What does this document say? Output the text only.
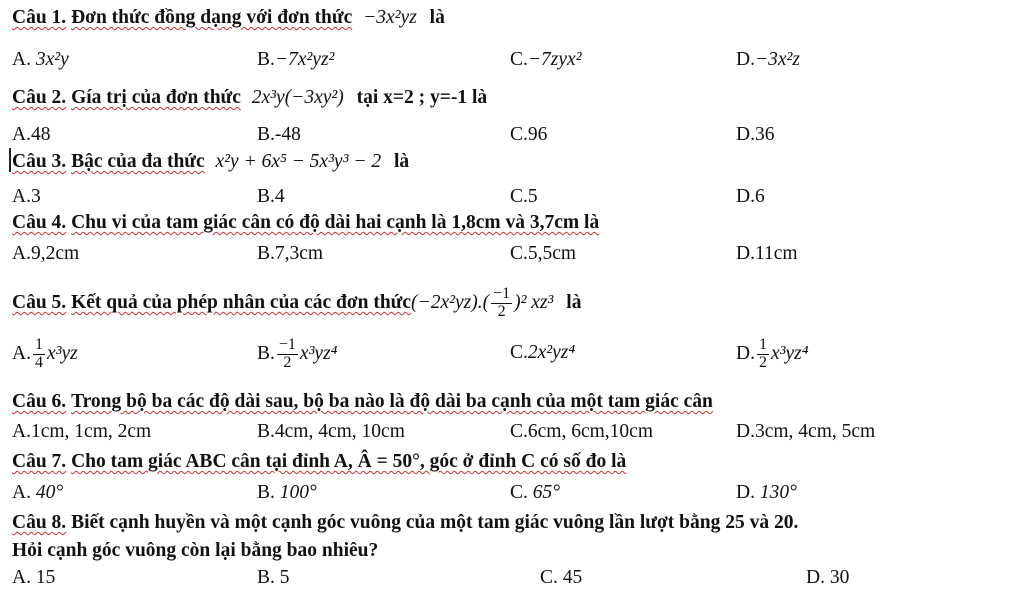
Câu 1. Đơn thức đồng dạng với đơn thức −3x²yz là
A. 3x²y	B.−7x²yz²	C.−7zyx²	D.−3x²z
Câu 2. Gía trị của đơn thức 2x³y(−3xy²) tại x=2 ; y=-1 là
A.48	B.-48	C.96	D.36
Câu 3. Bậc của đa thức x²y + 6x⁵ − 5x³y³ − 2 là
A.3	B.4	C.5	D.6
Câu 4. Chu vi của tam giác cân có độ dài hai cạnh là 1,8cm và 3,7cm là
A.9,2cm	B.7,3cm	C.5,5cm	D.11cm
Câu 5. Kết quả của phép nhân của các đơn thức(−2x²yz).( $\frac{-1}{2} )^2$ xz³ là
A. $\frac{1}{4} x^3yz$	B. $\frac{-1}{2} x^3yz^4$	C.2x²yz⁴	D. $\frac{1}{2} x^3yz^4$
Câu 6. Trong bộ ba các độ dài sau, bộ ba nào là độ dài ba cạnh của một tam giác cân
A.1cm, 1cm, 2cm	B.4cm, 4cm, 10cm	C.6cm, 6cm,10cm	D.3cm, 4cm, 5cm
Câu 7. Cho tam giác ABC cân tại đỉnh A, Â = 50°, góc ở đỉnh C có số đo là
A. 40°	B. 100°	C. 65°	D. 130°
Câu 8. Biết cạnh huyền và một cạnh góc vuông của một tam giác vuông lần lượt bằng 25 và 20.
Hỏi cạnh góc vuông còn lại bằng bao nhiêu?
A. 15	B. 5	C. 45	D. 30
